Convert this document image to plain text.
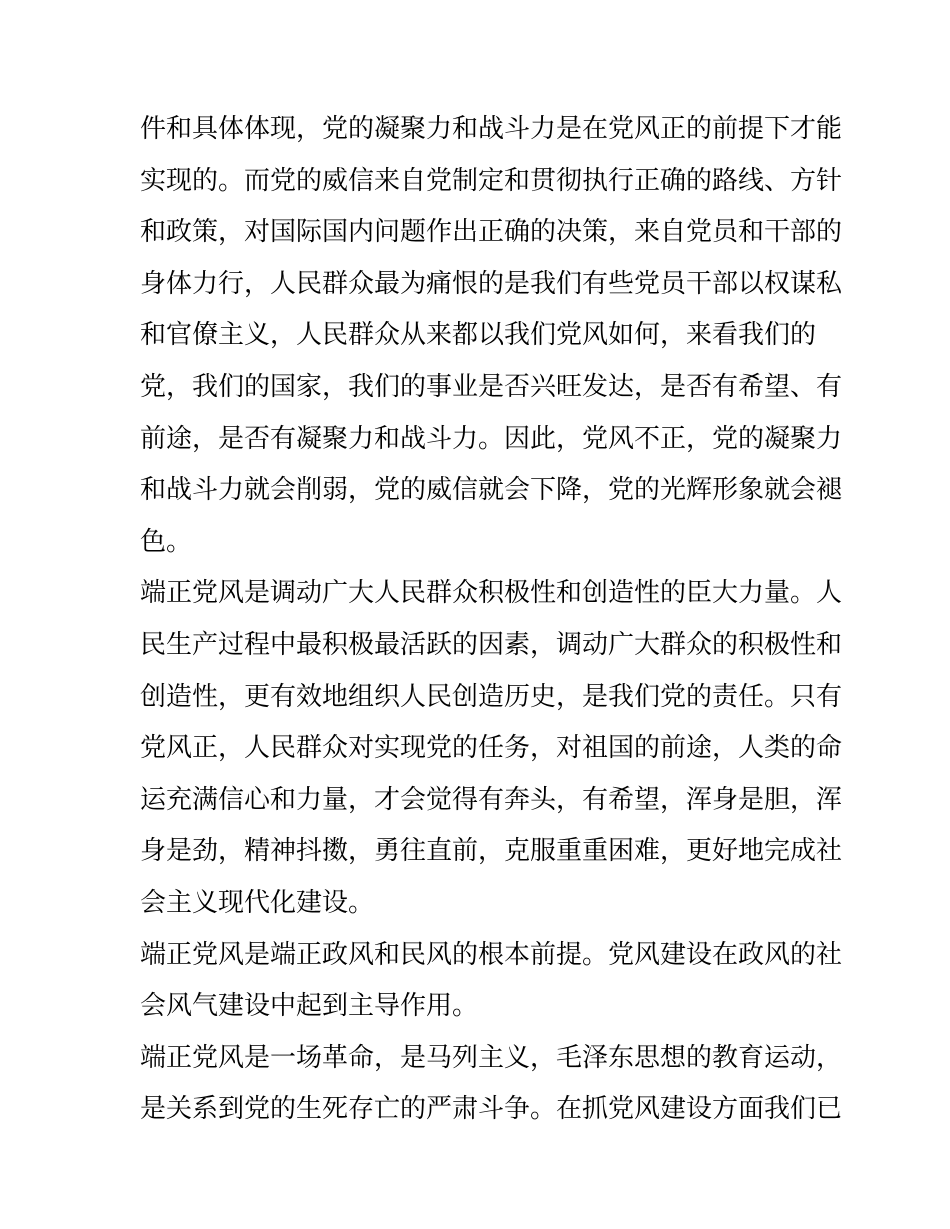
件和具体体现，党的凝聚力和战斗力是在党风正的前提下才能
实现的。而党的威信来自党制定和贯彻执行正确的路线、方针
和政策，对国际国内问题作出正确的决策，来自党员和干部的
身体力行，人民群众最为痛恨的是我们有些党员干部以权谋私
和官僚主义，人民群众从来都以我们党风如何，来看我们的
党，我们的国家，我们的事业是否兴旺发达，是否有希望、有
前途，是否有凝聚力和战斗力。因此，党风不正，党的凝聚力
和战斗力就会削弱，党的威信就会下降，党的光辉形象就会褪
色。
端正党风是调动广大人民群众积极性和创造性的臣大力量。人
民生产过程中最积极最活跃的因素，调动广大群众的积极性和
创造性，更有效地组织人民创造历史，是我们党的责任。只有
党风正，人民群众对实现党的任务，对祖国的前途，人类的命
运充满信心和力量，才会觉得有奔头，有希望，浑身是胆，浑
身是劲，精神抖擞，勇往直前，克服重重困难，更好地完成社
会主义现代化建设。
端正党风是端正政风和民风的根本前提。党风建设在政风的社
会风气建设中起到主导作用。
端正党风是一场革命，是马列主义，毛泽东思想的教育运动，
是关系到党的生死存亡的严肃斗争。在抓党风建设方面我们已
